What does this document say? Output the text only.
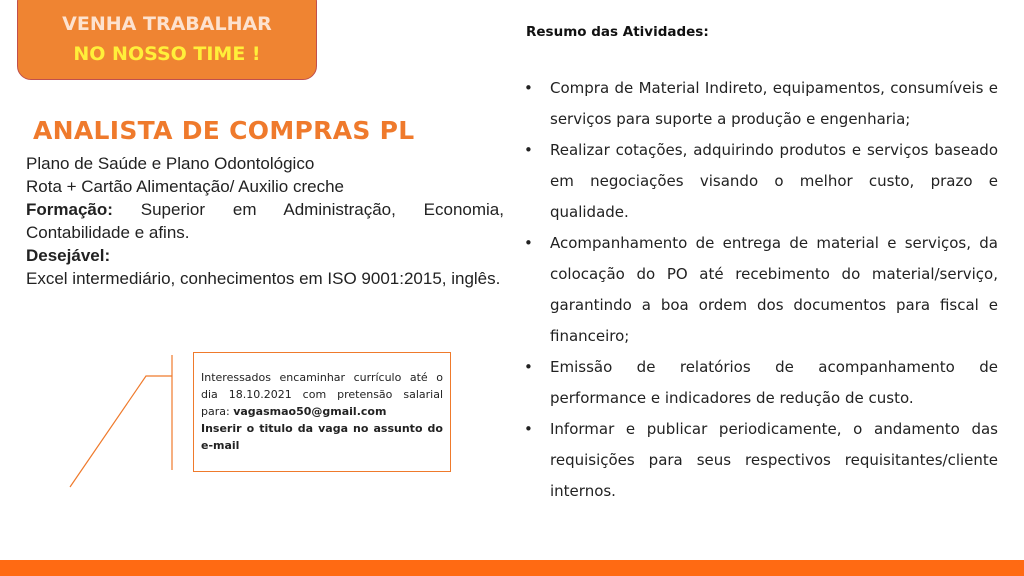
VENHA TRABALHAR
NO NOSSO TIME !
ANALISTA DE COMPRAS PL

Plano de Saúde e Plano Odontológico

Rota + Cartão Alimentação/ Auxilio creche

Formação: Superior em Administração, Economia, Contabilidade e afins.

Desejável:

Excel intermediário, conhecimentos em ISO 9001:2015, inglês.

Interessados encaminhar currículo até o dia 18.10.2021 com pretensão salarial para: vagasmao50@gmail.com

Inserir o titulo da vaga no assunto do e-mail

Resumo das Atividades:
• Compra de Material Indireto, equipamentos, consumíveis e serviços para suporte a produção e engenharia;
• Realizar cotações, adquirindo produtos e serviços baseado em negociações visando o melhor custo, prazo e qualidade.
• Acompanhamento de entrega de material e serviços, da colocação do PO até recebimento do material/serviço, garantindo a boa ordem dos documentos para fiscal e financeiro;
• Emissão de relatórios de acompanhamento de performance e indicadores de redução de custo.
• Informar e publicar periodicamente, o andamento das requisições para seus respectivos requisitantes/cliente internos.
